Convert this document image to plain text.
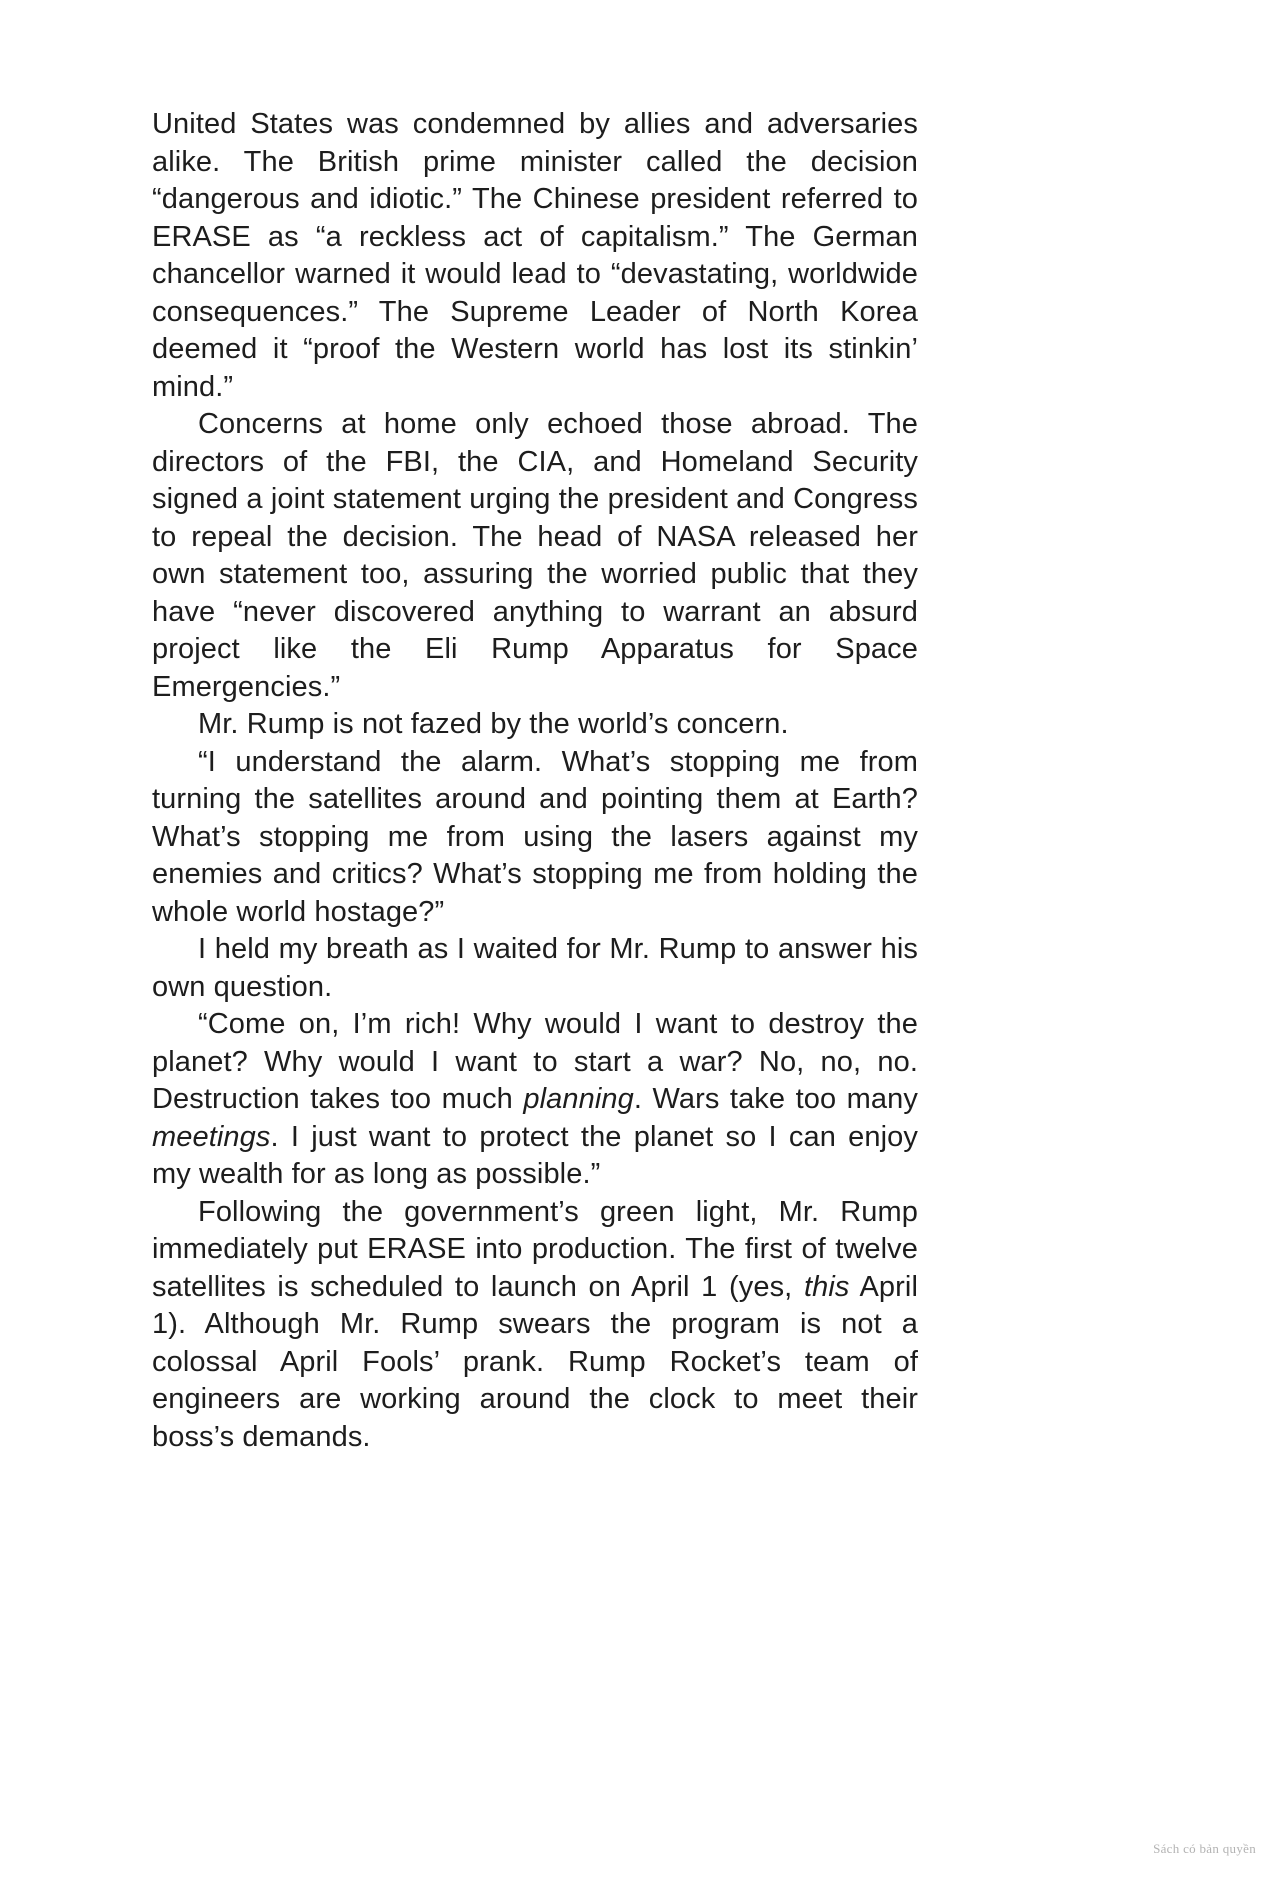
United States was condemned by allies and adversaries alike. The British prime minister called the decision “dangerous and idiotic.” The Chinese president referred to ERASE as “a reckless act of capitalism.” The German chancellor warned it would lead to “devastating, worldwide consequences.” The Supreme Leader of North Korea deemed it “proof the Western world has lost its stinkin’ mind.”

Concerns at home only echoed those abroad. The directors of the FBI, the CIA, and Homeland Security signed a joint statement urging the president and Congress to repeal the decision. The head of NASA released her own statement too, assuring the worried public that they have “never discovered anything to warrant an absurd project like the Eli Rump Apparatus for Space Emergencies.”

Mr. Rump is not fazed by the world’s concern.

“I understand the alarm. What’s stopping me from turning the satellites around and pointing them at Earth? What’s stopping me from using the lasers against my enemies and critics? What’s stopping me from holding the whole world hostage?”

I held my breath as I waited for Mr. Rump to answer his own question.

“Come on, I’m rich! Why would I want to destroy the planet? Why would I want to start a war? No, no, no. Destruction takes too much planning. Wars take too many meetings. I just want to protect the planet so I can enjoy my wealth for as long as possible.”

Following the government’s green light, Mr. Rump immediately put ERASE into production. The first of twelve satellites is scheduled to launch on April 1 (yes, this April 1). Although Mr. Rump swears the program is not a colossal April Fools’ prank. Rump Rocket’s team of engineers are working around the clock to meet their boss’s demands.

Sách có bản quyền
